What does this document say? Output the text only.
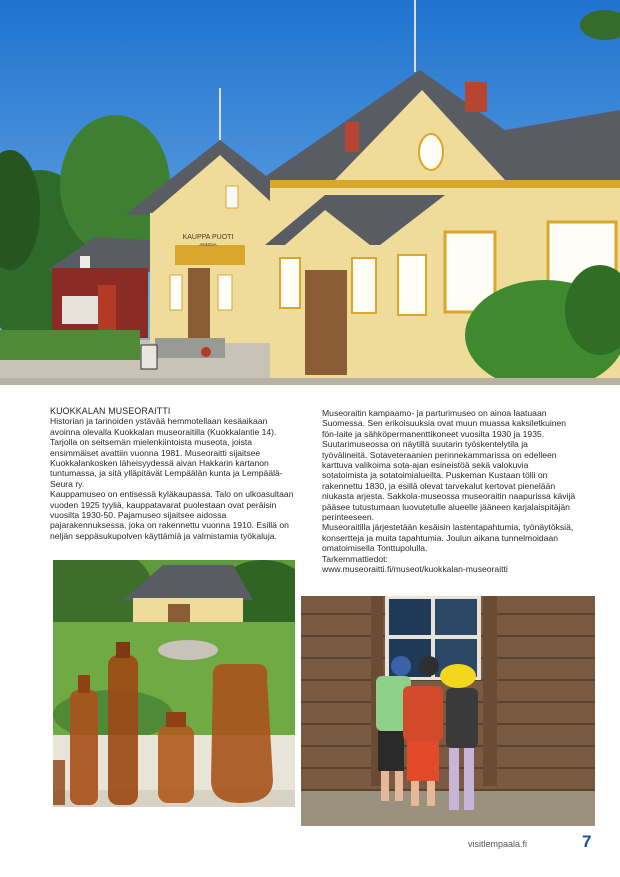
KAUPPA PUOTI
ANNOIA

KUOKKALAN MUSEORAITTI

Historian ja tarinoiden ystävää hemmotellaan kesäaikaan

avoinna olevalla Kuokkalan museoraitilla (Kuokkalantie 14).

Tarjolla on seitsemän mielenkiintoista museota, joista

ensimmäiset avattiin vuonna 1981. Museoraitti sijaitsee

Kuokkalankosken läheisyydessä aivan Hakkarin kartanon

tuntumassa, ja sitä ylläpitävät Lempäälän kunta ja Lempäälä-

Seura ry.

Kauppamuseo on entisessä kyläkaupassa. Talo on ulkoasultaan

vuoden 1925 tyyliä, kauppatavarat puolestaan ovat peräisin

vuosilta 1930-50. Pajamuseo sijaitsee aidossa

pajarakennuksessa, joka on rakennettu vuonna 1910. Esillä on

neljän seppäsukupolven käyttämiä ja valmistamia työkaluja.

Museoraitin kampaamo- ja parturimuseo on ainoa laatuaan

Suomessa. Sen erikoisuuksia ovat muun muassa kaksiletkuinen

fön-laite ja sähköpermanenttikoneet vuosilta 1930 ja 1935.

Suutarimuseossa on näytillä suutarin työskentelytila ja

työvälineitä. Sotaveteraanien perinnekammarissa on edelleen

karttuva valikoima sota-ajan esineistöä sekä valokuvia

sotatoimista ja sotatoimialueilta. Puskeman Kustaan tölli on

rakennettu 1830, ja esillä olevat tarvekalut kertovat pienelään

niukasta arjesta. Sakkola-museossa museoraitin naapurissa kävijä

pääsee tutustumaan luovutetulle alueelle jääneen karjalaispitäjän

perinteeseen.

Museoraitilla järjestetään kesäisin lastentapahtumia, työnäytöksiä,

konsertteja ja muita tapahtumia. Joulun aikana tunnelmoidaan

omatoimisella Tonttupolulla.

Tarkemmattiedot:

www.museoraitti.fi/museot/kuokkalan-museoraitti

visitlempaala.fi	7
